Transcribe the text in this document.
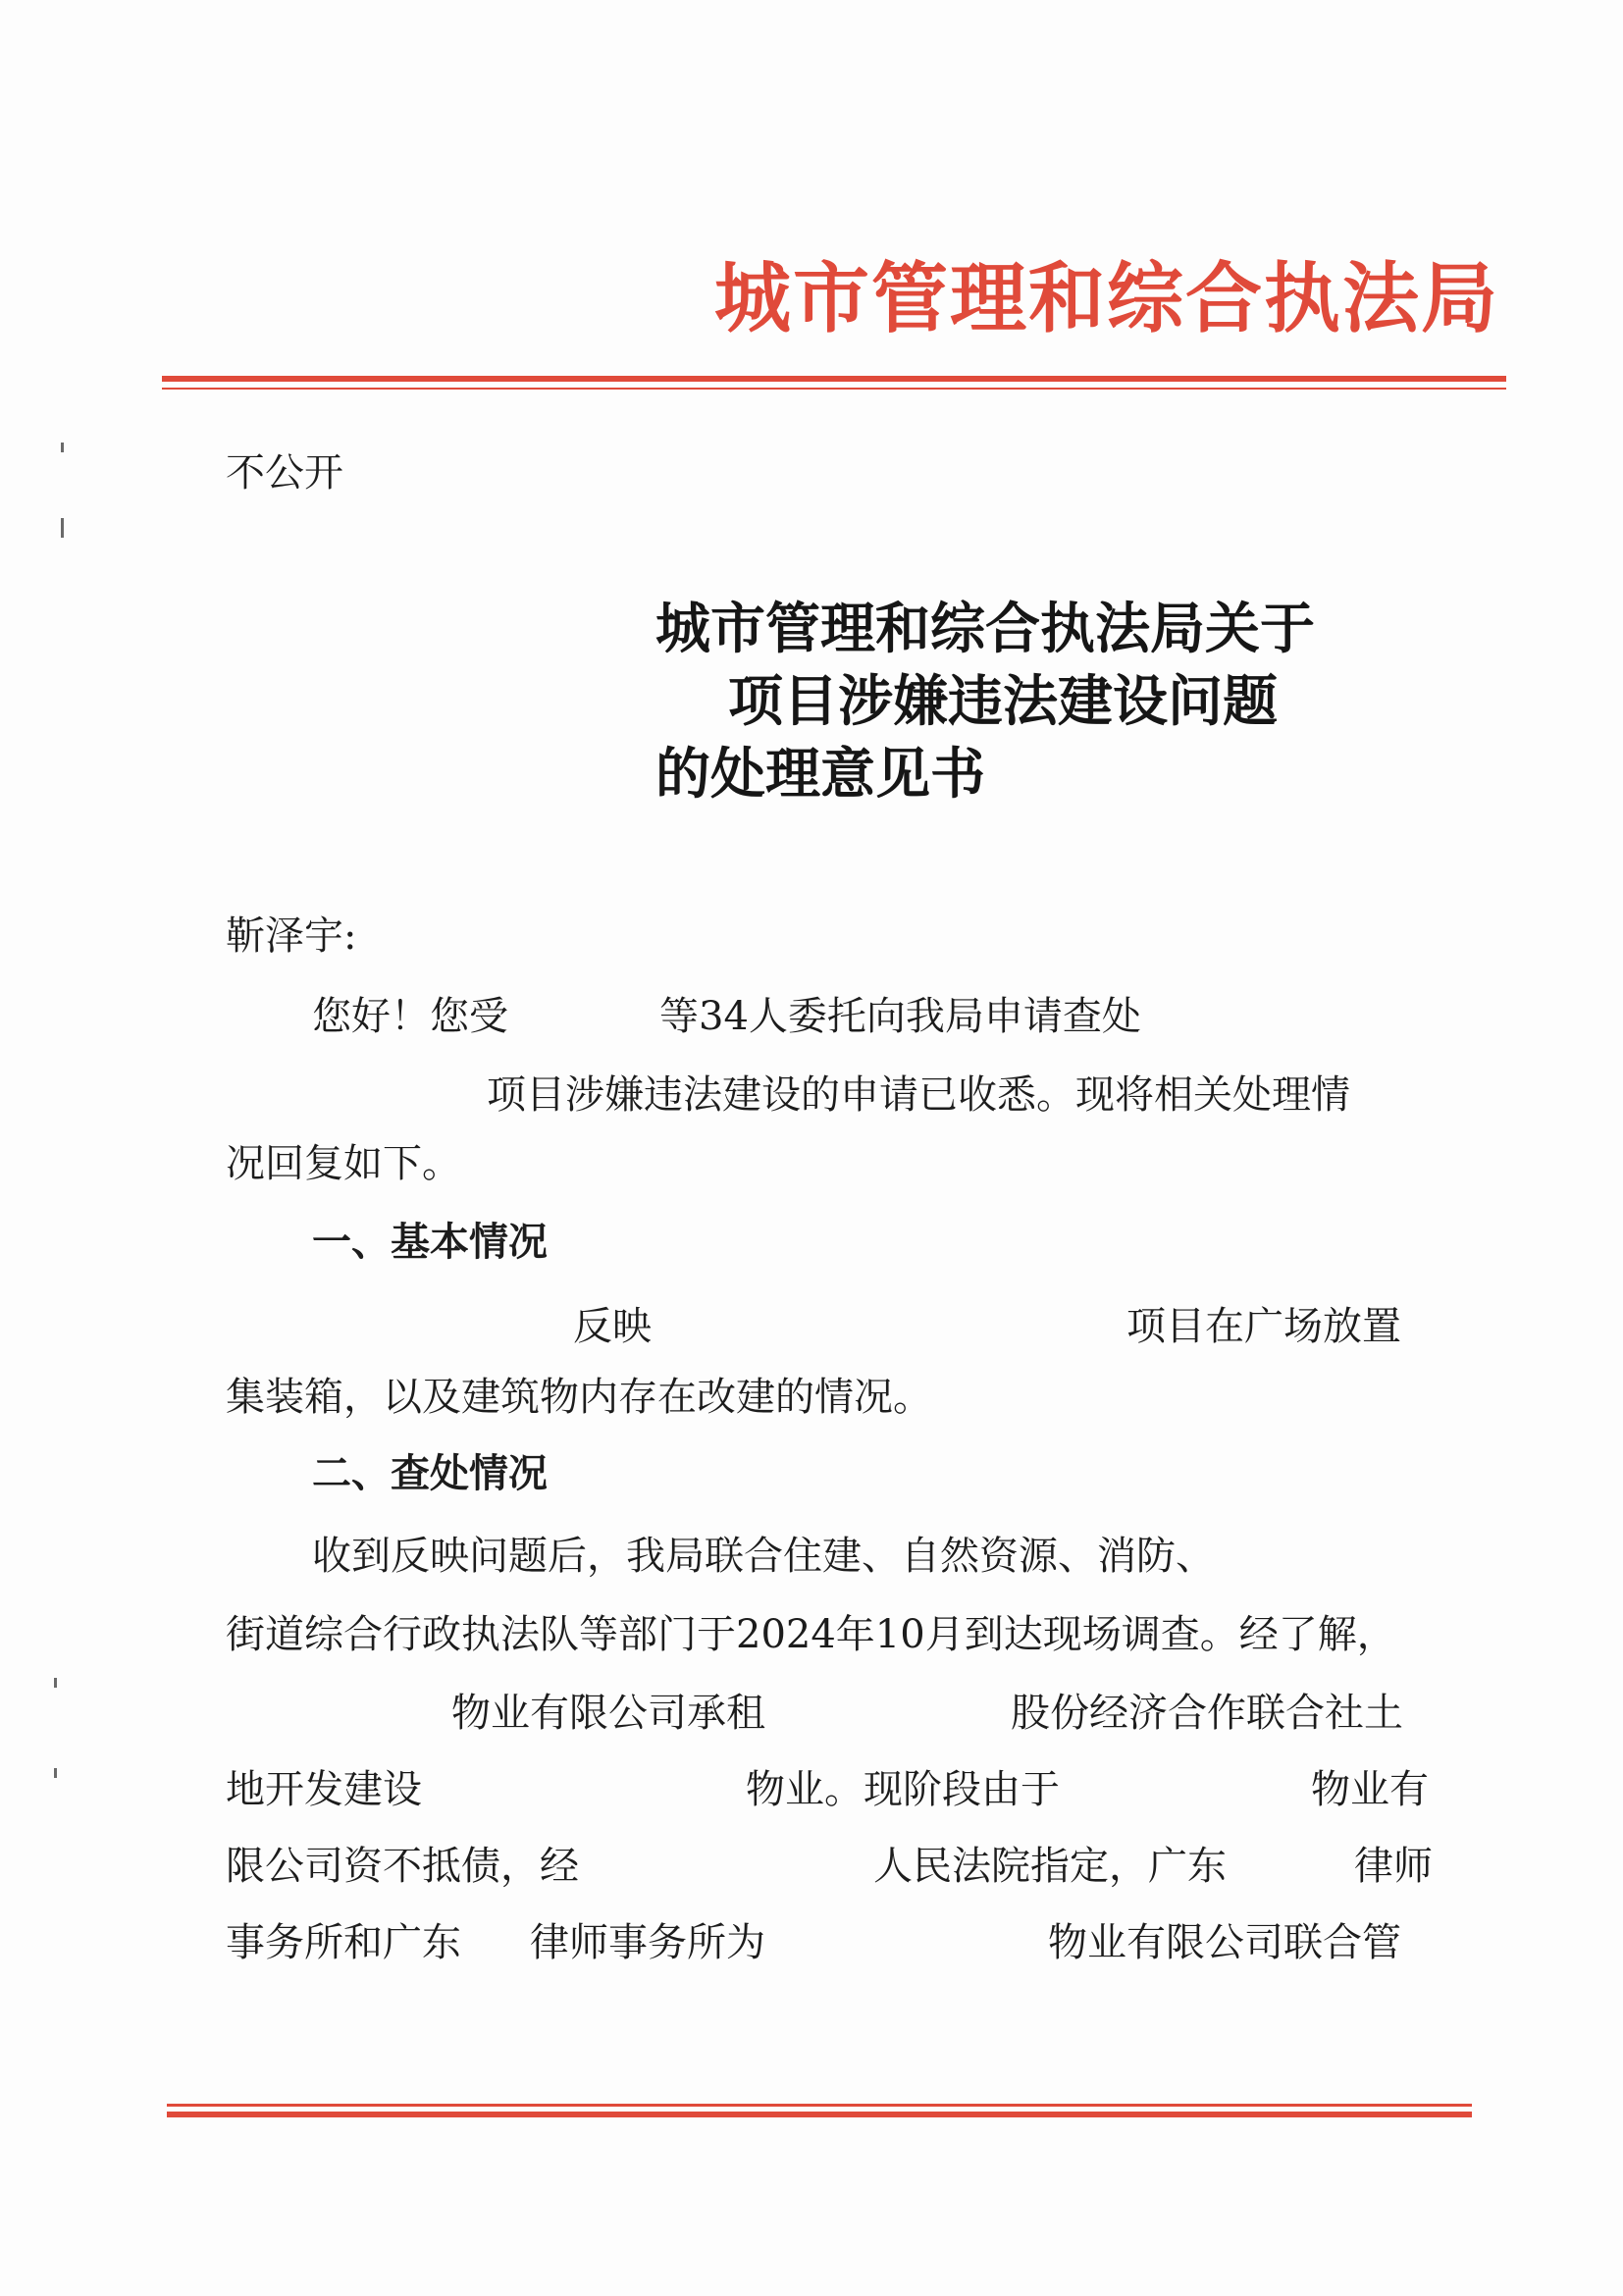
城市管理和综合执法局
不公开
城市管理和综合执法局关于
项目涉嫌违法建设问题
的处理意见书
靳泽宇:
您好！您受	等34人委托向我局申请查处
项目涉嫌违法建设的申请已收悉。现将相关处理情
况回复如下。
一、基本情况
反映	项目在广场放置
集装箱，以及建筑物内存在改建的情况。
二、查处情况
收到反映问题后，我局联合住建、自然资源、消防、
街道综合行政执法队等部门于2024年10月到达现场调查。经了解，
物业有限公司承租	股份经济合作联合社土
地开发建设	物业。现阶段由于	物业有
限公司资不抵债，经	人民法院指定，广东	律师
事务所和广东 律师事务所为	物业有限公司联合管
